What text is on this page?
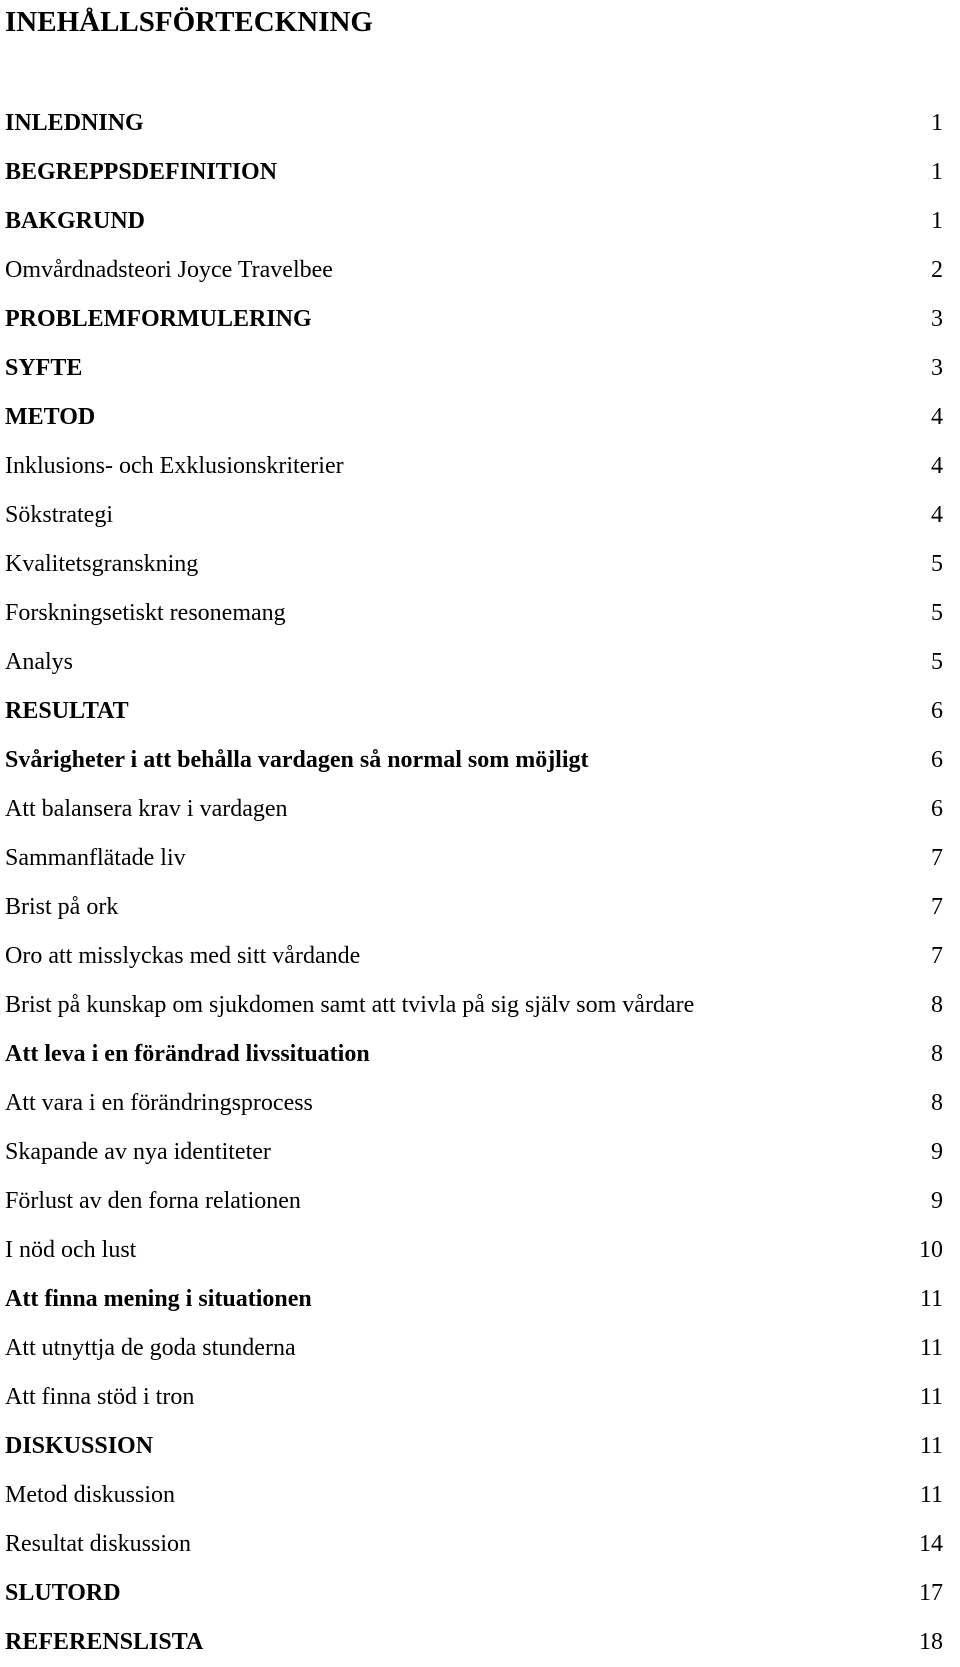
INEHÅLLSFÖRTECKNING
INLEDNING	1
BEGREPPSDEFINITION	1
BAKGRUND	1
Omvårdnadsteori Joyce Travelbee	2
PROBLEMFORMULERING	3
SYFTE	3
METOD	4
Inklusions- och Exklusionskriterier	4
Sökstrategi	4
Kvalitetsgranskning	5
Forskningsetiskt resonemang	5
Analys	5
RESULTAT	6
Svårigheter i att behålla vardagen så normal som möjligt	6
Att balansera krav i vardagen	6
Sammanflätade liv	7
Brist på ork	7
Oro att misslyckas med sitt vårdande	7
Brist på kunskap om sjukdomen samt att tvivla på sig själv som vårdare	8
Att leva i en förändrad livssituation	8
Att vara i en förändringsprocess	8
Skapande av nya identiteter	9
Förlust av den forna relationen	9
I nöd och lust	10
Att finna mening i situationen	11
Att utnyttja de goda stunderna	11
Att finna stöd i tron	11
DISKUSSION	11
Metod diskussion	11
Resultat diskussion	14
SLUTORD	17
REFERENSLISTA	18
